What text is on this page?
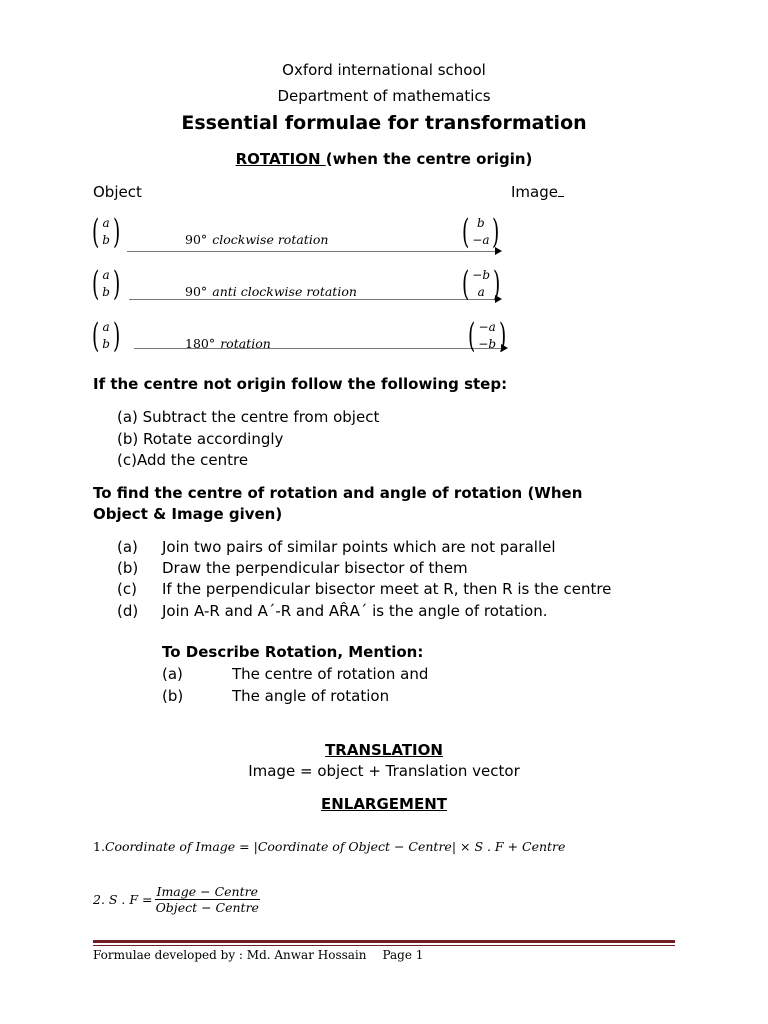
Oxford international school
Department of mathematics
Essential formulae for transformation
ROTATION (when the centre origin)
Object	Image
( a
b )	90° clockwise rotation	( b
−a )
( a
b )	90° anti clockwise rotation	( −b
a )
( a
b )	180° rotation	( −a
−b )
If the centre not origin follow the following step:
(a) Subtract the centre from object
(b) Rotate accordingly
(c)Add the centre
To find the centre of rotation and angle of rotation (When
Object & Image given)
(a)	Join two pairs of similar points which are not parallel
(b)	Draw the perpendicular bisector of them
(c)	If the perpendicular bisector meet at R, then R is the centre
(d)	Join A-R and A´-R and AR̂A´ is the angle of rotation.
To Describe Rotation, Mention:
(a)	The centre of rotation and
(b)	The angle of rotation
TRANSLATION
Image = object + Translation vector
ENLARGEMENT
1.Coordinate of Image = |Coordinate of Object − Centre| × S . F + Centre
2. S . $F = \frac{\text{Image − Centre}}{\text{Object − Centre}}$
Formulae developed by : Md. Anwar Hossain Page 1
